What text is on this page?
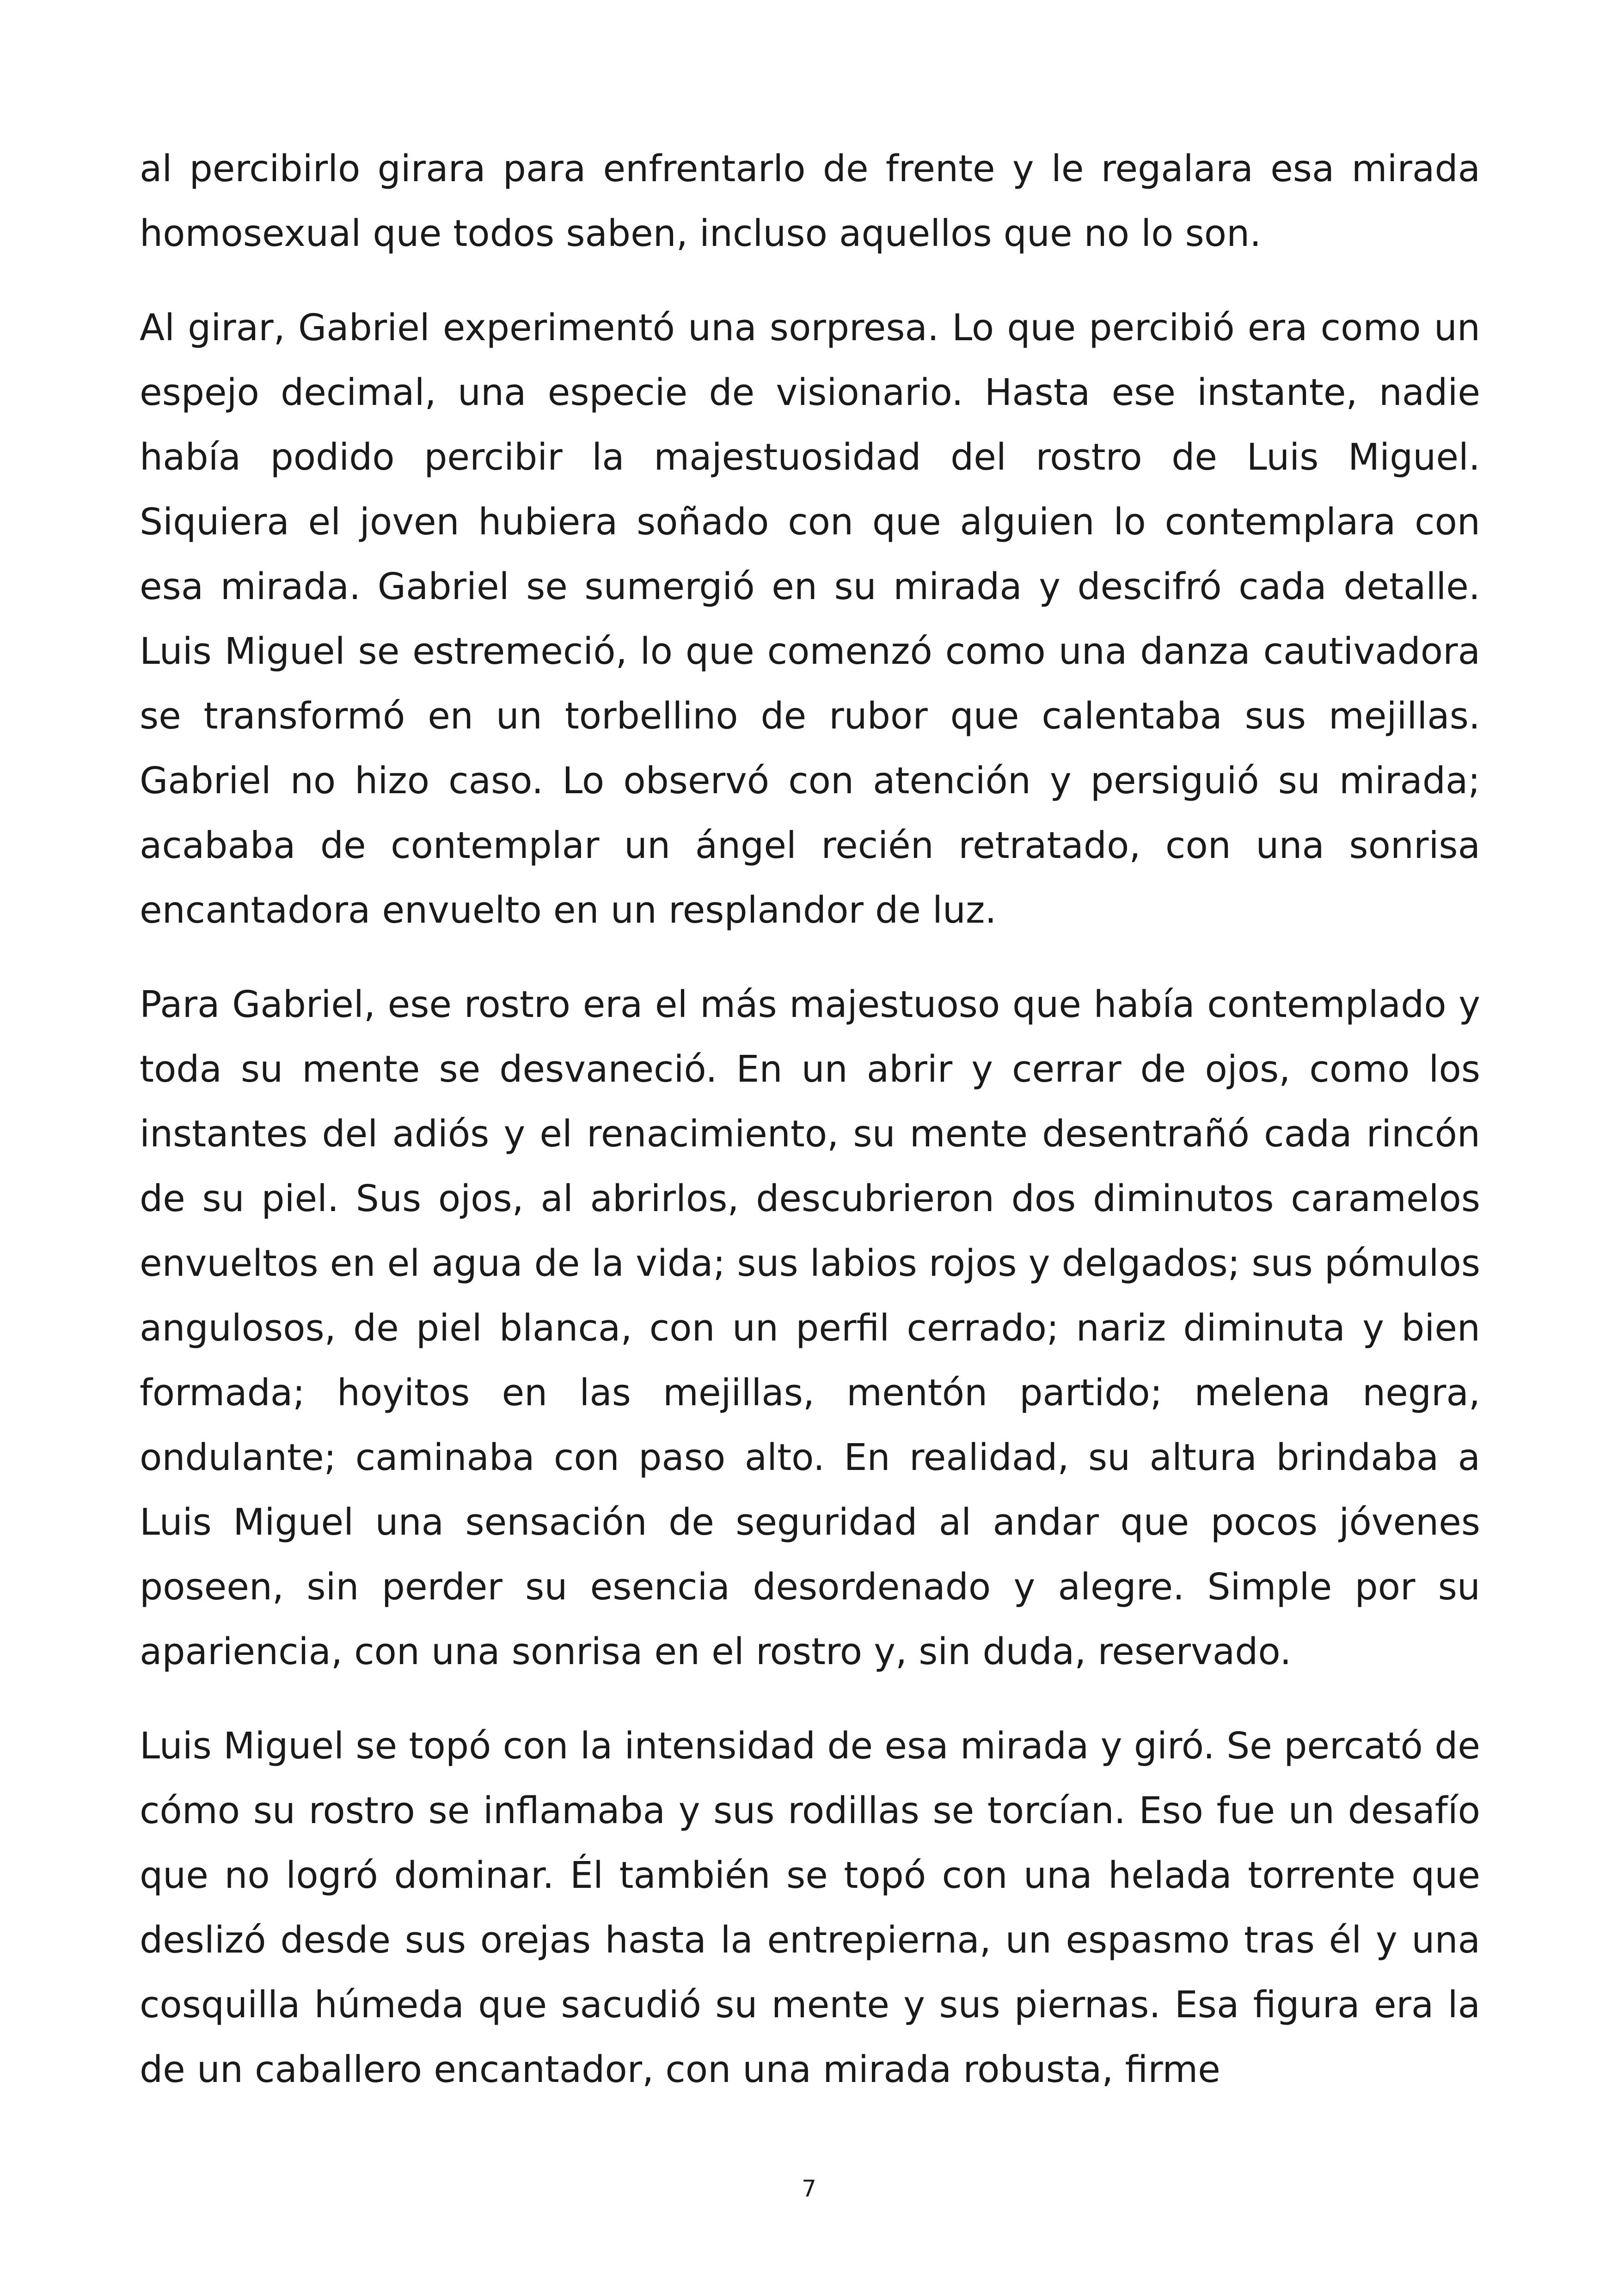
al percibirlo girara para enfrentarlo de frente y le regalara esa mirada homosexual que todos saben, incluso aquellos que no lo son.

Al girar, Gabriel experimentó una sorpresa. Lo que percibió era como un espejo decimal, una especie de visionario. Hasta ese instante, nadie había podido percibir la majestuosidad del rostro de Luis Miguel. Siquiera el joven hubiera soñado con que alguien lo contemplara con esa mirada. Gabriel se sumergió en su mirada y descifró cada detalle. Luis Miguel se estremeció, lo que comenzó como una danza cautivadora se transformó en un torbellino de rubor que calentaba sus mejillas. Gabriel no hizo caso. Lo observó con atención y persiguió su mirada; acababa de contemplar un ángel recién retratado, con una sonrisa encantadora envuelto en un resplandor de luz.

Para Gabriel, ese rostro era el más majestuoso que había contemplado y toda su mente se desvaneció. En un abrir y cerrar de ojos, como los instantes del adiós y el renacimiento, su mente desentrañó cada rincón de su piel. Sus ojos, al abrirlos, descubrieron dos diminutos caramelos envueltos en el agua de la vida; sus labios rojos y delgados; sus pómulos angulosos, de piel blanca, con un perfil cerrado; nariz diminuta y bien formada; hoyitos en las mejillas, mentón partido; melena negra, ondulante; caminaba con paso alto. En realidad, su altura brindaba a Luis Miguel una sensación de seguridad al andar que pocos jóvenes poseen, sin perder su esencia desordenado y alegre. Simple por su apariencia, con una sonrisa en el rostro y, sin duda, reservado.

Luis Miguel se topó con la intensidad de esa mirada y giró. Se percató de cómo su rostro se inflamaba y sus rodillas se torcían. Eso fue un desafío que no logró dominar. Él también se topó con una helada torrente que deslizó desde sus orejas hasta la entrepierna, un espasmo tras él y una cosquilla húmeda que sacudió su mente y sus piernas. Esa figura era la de un caballero encantador, con una mirada robusta, firme

7
